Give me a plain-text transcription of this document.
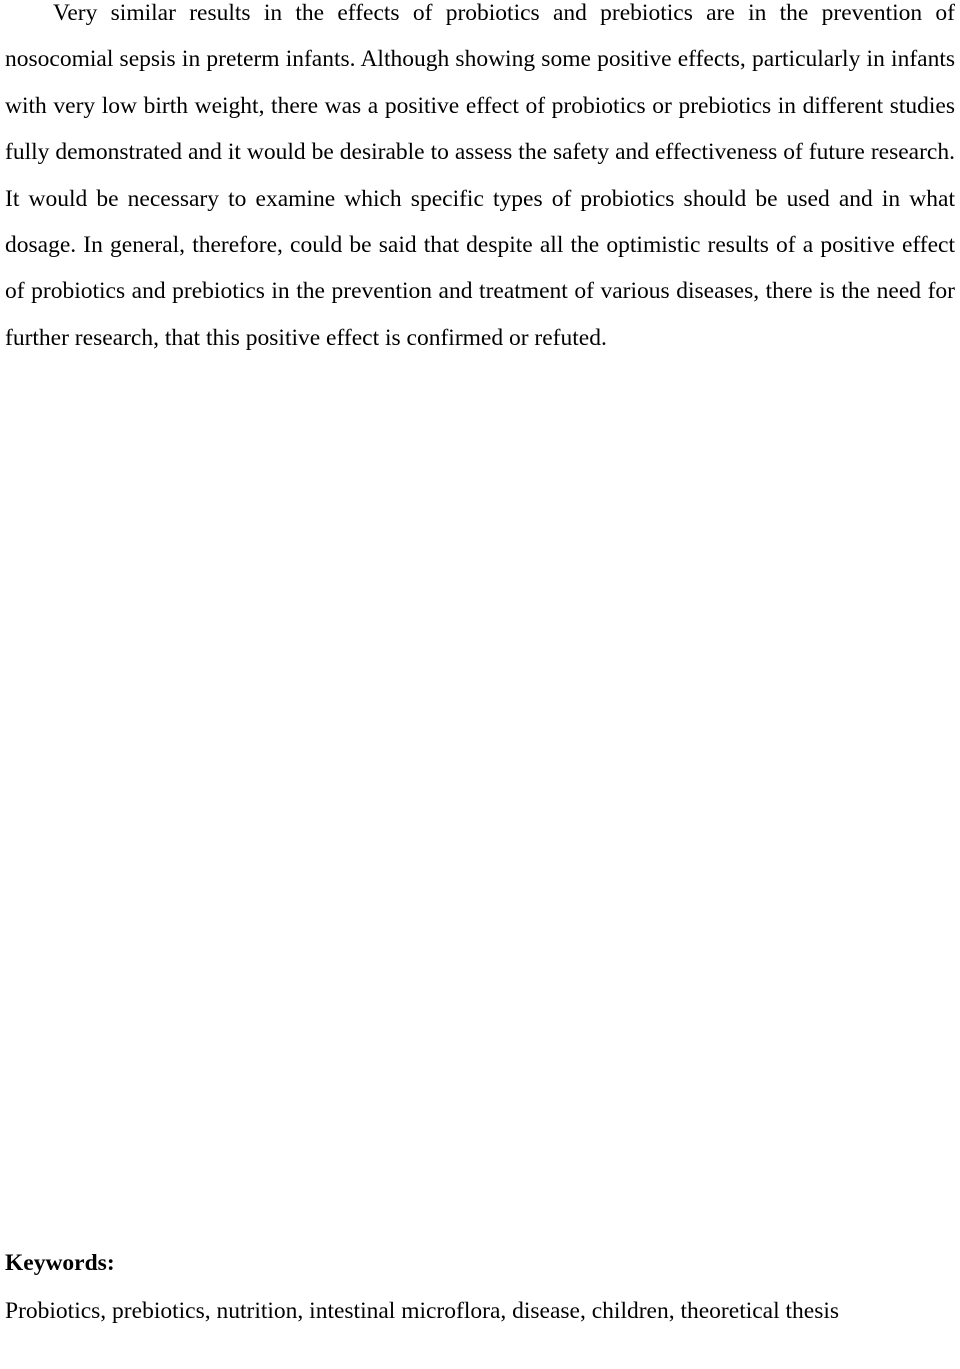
Very similar results in the effects of probiotics and prebiotics are in the prevention of nosocomial sepsis in preterm infants. Although showing some positive effects, particularly in infants with very low birth weight, there was a positive effect of probiotics or prebiotics in different studies fully demonstrated and it would be desirable to assess the safety and effectiveness of future research. It would be necessary to examine which specific types of probiotics should be used and in what dosage. In general, therefore, could be said that despite all the optimistic results of a positive effect of probiotics and prebiotics in the prevention and treatment of various diseases, there is the need for further research, that this positive effect is confirmed or refuted.

Keywords:

Probiotics, prebiotics, nutrition, intestinal microflora, disease, children, theoretical thesis
